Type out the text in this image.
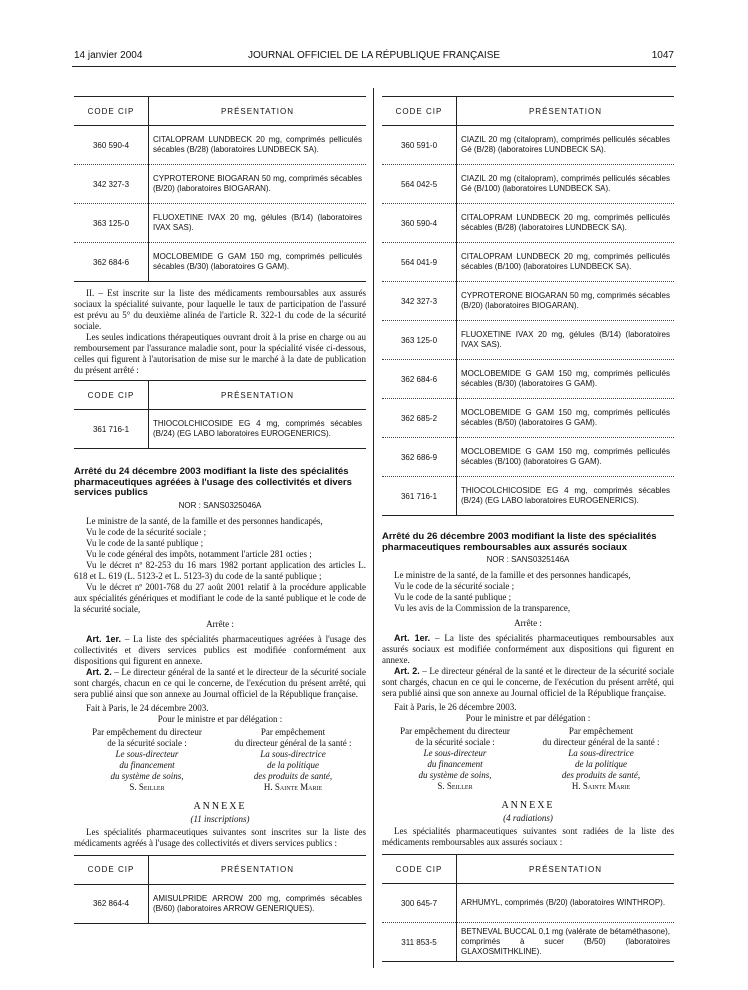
14 janvier 2004	JOURNAL OFFICIEL DE LA RÉPUBLIQUE FRANÇAISE	1047
CODE CIP	PRÉSENTATION
360 590-4	CITALOPRAM LUNDBECK 20 mg, comprimés pelliculés sécables (B/28) (laboratoires LUNDBECK SA).
342 327-3	CYPROTERONE BIOGARAN 50 mg, comprimés sécables (B/20) (laboratoires BIOGARAN).
363 125-0	FLUOXETINE IVAX 20 mg, gélules (B/14) (laboratoires IVAX SAS).
362 684-6	MOCLOBEMIDE G GAM 150 mg, comprimés pelliculés sécables (B/30) (laboratoires G GAM).

II. – Est inscrite sur la liste des médicaments remboursables aux assurés sociaux la spécialité suivante, pour laquelle le taux de participation de l'assuré est prévu au 5° du deuxième alinéa de l'article R. 322-1 du code de la sécurité sociale.

Les seules indications thérapeutiques ouvrant droit à la prise en charge ou au remboursement par l'assurance maladie sont, pour la spécialité visée ci-dessous, celles qui figurent à l'autorisation de mise sur le marché à la date de publication du présent arrêté :

CODE CIP	PRÉSENTATION
361 716-1	THIOCOLCHICOSIDE EG 4 mg, comprimés sécables (B/24) (EG LABO laboratoires EUROGENERICS).
Arrêté du 24 décembre 2003 modifiant la liste des spécialités pharmaceutiques agréées à l'usage des collectivités et divers services publics
NOR : SANS0325046A

Le ministre de la santé, de la famille et des personnes handicapés,

Vu le code de la sécurité sociale ;

Vu le code de la santé publique ;

Vu le code général des impôts, notamment l'article 281 octies ;

Vu le décret nº 82-253 du 16 mars 1982 portant application des articles L. 618 et L. 619 (L. 5123-2 et L. 5123-3) du code de la santé publique ;

Vu le décret nº 2001-768 du 27 août 2001 relatif à la procédure applicable aux spécialités génériques et modifiant le code de la santé publique et le code de la sécurité sociale,

Arrête :

Art. 1er. – La liste des spécialités pharmaceutiques agréées à l'usage des collectivités et divers services publics est modifiée conformément aux dispositions qui figurent en annexe.

Art. 2. – Le directeur général de la santé et le directeur de la sécurité sociale sont chargés, chacun en ce qui le concerne, de l'exécution du présent arrêté, qui sera publié ainsi que son annexe au Journal officiel de la République française.

Fait à Paris, le 24 décembre 2003.

Pour le ministre et par délégation :
Par empêchement du directeur
de la sécurité sociale :
Le sous-directeur
du financement
du système de soins,
S. Seiller
Par empêchement
du directeur général de la santé :
La sous-directrice
de la politique
des produits de santé,
H. Sainte Marie
ANNEXE
(11 inscriptions)

Les spécialités pharmaceutiques suivantes sont inscrites sur la liste des médicaments agréés à l'usage des collectivités et divers services publics :

CODE CIP	PRÉSENTATION
362 864-4	AMISULPRIDE ARROW 200 mg, comprimés sécables (B/60) (laboratoires ARROW GENERIQUES).
CODE CIP	PRÉSENTATION
360 591-0	CIAZIL 20 mg (citalopram), comprimés pelliculés sécables Gé (B/28) (laboratoires LUNDBECK SA).
564 042-5	CIAZIL 20 mg (citalopram), comprimés pelliculés sécables Gé (B/100) (laboratoires LUNDBECK SA).
360 590-4	CITALOPRAM LUNDBECK 20 mg, comprimés pelliculés sécables (B/28) (laboratoires LUNDBECK SA).
564 041-9	CITALOPRAM LUNDBECK 20 mg, comprimés pelliculés sécables (B/100) (laboratoires LUNDBECK SA).
342 327-3	CYPROTERONE BIOGARAN 50 mg, comprimés sécables (B/20) (laboratoires BIOGARAN).
363 125-0	FLUOXETINE IVAX 20 mg, gélules (B/14) (laboratoires IVAX SAS).
362 684-6	MOCLOBEMIDE G GAM 150 mg, comprimés pelliculés sécables (B/30) (laboratoires G GAM).
362 685-2	MOCLOBEMIDE G GAM 150 mg, comprimés pelliculés sécables (B/50) (laboratoires G GAM).
362 686-9	MOCLOBEMIDE G GAM 150 mg, comprimés pelliculés sécables (B/100) (laboratoires G GAM).
361 716-1	THIOCOLCHICOSIDE EG 4 mg, comprimés sécables (B/24) (EG LABO laboratoires EUROGENERICS).
Arrêté du 26 décembre 2003 modifiant la liste des spécialités pharmaceutiques remboursables aux assurés sociaux
NOR : SANS0325146A

Le ministre de la santé, de la famille et des personnes handicapés,

Vu le code de la sécurité sociale ;

Vu le code de la santé publique ;

Vu les avis de la Commission de la transparence,

Arrête :

Art. 1er. – La liste des spécialités pharmaceutiques remboursables aux assurés sociaux est modifiée conformément aux dispositions qui figurent en annexe.

Art. 2. – Le directeur général de la santé et le directeur de la sécurité sociale sont chargés, chacun en ce qui le concerne, de l'exécution du présent arrêté, qui sera publié ainsi que son annexe au Journal officiel de la République française.

Fait à Paris, le 26 décembre 2003.

Pour le ministre et par délégation :
Par empêchement du directeur
de la sécurité sociale :
Le sous-directeur
du financement
du système de soins,
S. Seiller
Par empêchement
du directeur général de la santé :
La sous-directrice
de la politique
des produits de santé,
H. Sainte Marie
ANNEXE
(4 radiations)

Les spécialités pharmaceutiques suivantes sont radiées de la liste des médicaments remboursables aux assurés sociaux :

CODE CIP	PRÉSENTATION
300 645-7	ARHUMYL, comprimés (B/20) (laboratoires WINTHROP).
311 853-5	BETNEVAL BUCCAL 0,1 mg (valérate de bétaméthasone), comprimés à sucer (B/50) (laboratoires GLAXOSMITHKLINE).
